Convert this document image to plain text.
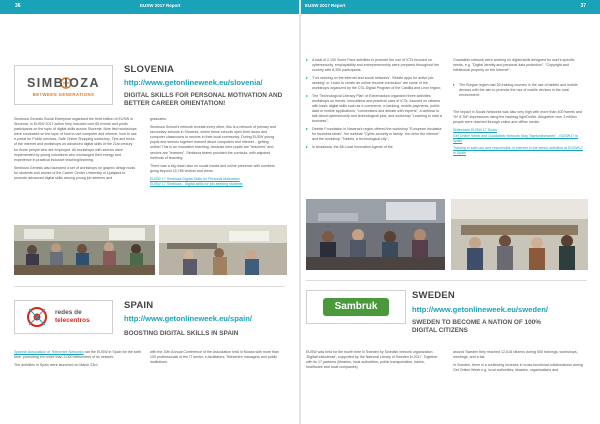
36	EUSW 2017 Report
SIMBIOZA
BETWEEN GENERATIONS
SLOVENIA
http://www.getonlineweek.eu/slovenia/
DIGITAL SKILLS FOR PERSONAL MOTIVATION AND
BETTER CAREER ORIENTATION!

Simbioza Genesis Social Enterprise organised the third edition of EUSW in Slovenia. In EUSW 2017 action they included over 65 events and youth participants on the topic of digital skills across Slovenia. Nine field workshops were conducted on the topic of how to use computer and internet, how to use e-portal for Public services, Safe Online Shopping workshop, Tips and tricks of the internet and workshops on advanced digital skills of the 21st century for those people who are employed. All workshops with seniors were implemented by young volunteers who exchanged their energy and experience in practical inclusive teaching/learning.

Simbioza Genesis also launched a set of workshops on graphic design tools for students and alumni of the Career Center University of Ljubljana to promote advanced digital skills among young job seekers and

graduates.

Simbioza School's network reveals every other, this is a network of primary and secondary schools in Slovenia, where these schools open their doors and computer classrooms to seniors in their local community. During EUSW young pupils and seniors together learned about computers and internet – getting online! This is an innovative teaching, because here pupils are "teachers" and seniors are "learners". Simbioza teams provided the curricula, with adjusted methods of teaching.

There was a big reach also on social media and online presence with numbers going beyond 15,786 visitors and views.

EUSW 17 Simbioza Digital Skills for Personal Motivation

EUSW 17 Simbioza - Digital skills for job-seeking students

redes de
telecentros
SPAIN
http://www.getonlineweek.eu/spain/
BOOSTING DIGITAL SKILLS IN SPAIN

Spanish Association of Telecentre Networks ran the EUSW in Spain for the sixth time, promoting it in more than 3,000 telecentres of its network.

The activities in Spain were launched on March 23rd

with the 10th Annual Conference of the Association held in Murcia with more than 100 professionals of the IT sector, e-facilitators, Telecentre managers and public institutions.

EUSW 2017 Report	37
A total of 2,100 Score Face activities to promote the use of ICTs focused on cybersecurity, employability and entrepreneurship were prepared throughout the country with 8,300 participants.
'Tu's seeking on the internet and social networks', 'Mobile apps for active job-seeking' or 'Learn to create an online resume curriculum' are some of the workshops organized by the CSL Digital Program of the Castilla and Leon region;
The 'Technological Literacy Plan' of Extremadura organized three activities: workshops on trends, innovations and practical uses of ICTs, focused on citizens with basic digital skills such as e-commerce, e-banking, mobile payments, public data or mobile applications; "connections and debate with experts", a webinar to talk about cybersecurity and technological jobs, and workshop "Learning to start a business";
Deeble Foundation in Navarra's region offered the workshop "European Incubator for business ideas", the webinar "Cyber-security in family: You drive the internet" and the workshop "Tablets, a technological city";
In Andalusia, the 68 Local Innovation Agents of the

Guadalinfo network were working on digital skills designed for user's specific needs, e.g. "Digital identity and personal data protection", "Copyright and intellectual property on the Internet".

The Burgos region had 26 training courses in the use of tablets and mobile devices with the aim to promote the use of mobile devices in the rural environment.

The impact in Social Networks was also very high with more than 400 tweets and 7k* 6.7M* impressions using the hashtag #getOnWe. Altogether over 3 million people were reached through online and offline media.

Slideshare EUSW 17 Spain

Get Online Week and Guadalinfo Network blog "#getonlineweek" - EUSW17 in Spain

Training in safe use and responsible of Internet in the senior activities at EUSW17 in Spain

Sambruk
SWEDEN
http://www.getonlineweek.eu/sweden/
SWEDEN TO BECOME A NATION OF 100%
DIGITAL CITIZENS

EUSW was held for the fourth time in Sweden by Swedish network organization 'Digitalt inkluderad', supported by the National Library of Sweden in 2017. Together with its 17 partners (libraries, local authorities, public transportation, banks, healthcare and local companies)

around Sweden they reached 12,618 citizens during 500 trainings, workshops, meetings, and a fair.

In Sweden, there is a continuing increase in cross-functional collaborations during Get Online Week e.g. local authorities, libraries, organisations and
